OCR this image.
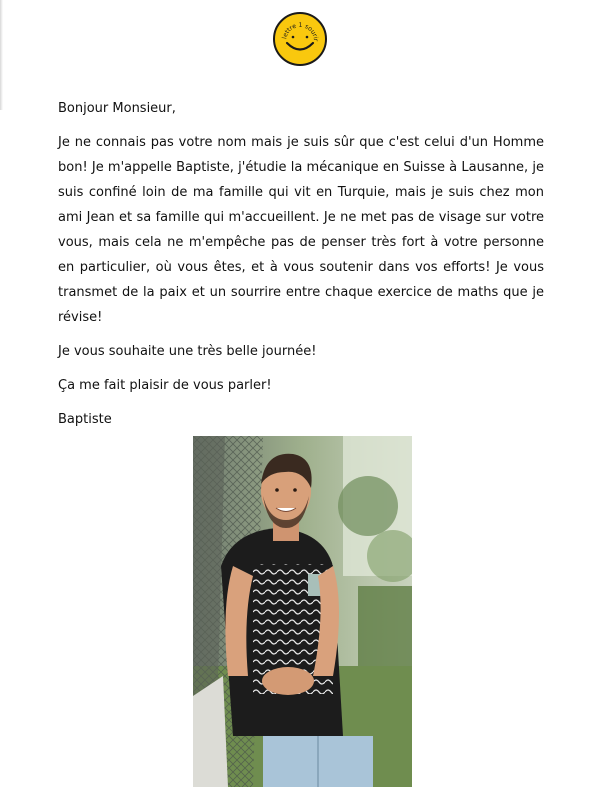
lettre 1 sourir

Bonjour Monsieur,

Je ne connais pas votre nom mais je suis sûr que c'est celui d'un Homme bon! Je m'appelle Baptiste, j'étudie la mécanique en Suisse à Lausanne, je suis confiné loin de ma famille qui vit en Turquie, mais je suis chez mon ami Jean et sa famille qui m'accueillent. Je ne met pas de visage sur votre vous, mais cela ne m'empêche pas de penser très fort à votre personne en particulier, où vous êtes, et à vous soutenir dans vos efforts! Je vous transmet de la paix et un sourrire entre chaque exercice de maths que je révise!

Je vous souhaite une très belle journée!

Ça me fait plaisir de vous parler!

Baptiste
